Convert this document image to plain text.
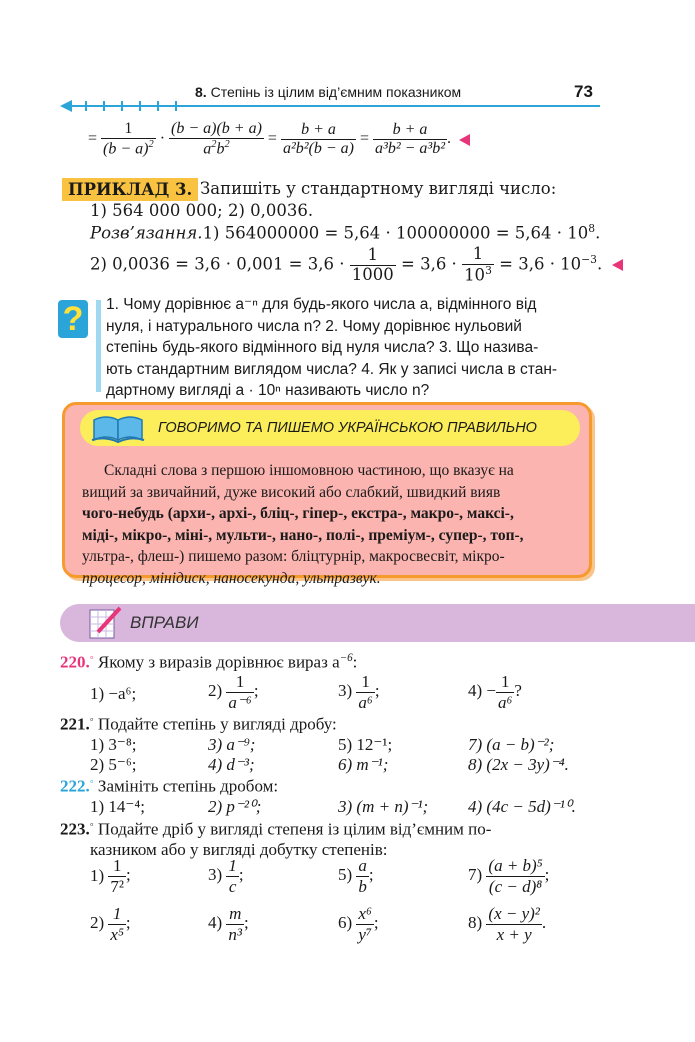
8. Степінь із цілим від’ємним показником	73
= $\frac{1}{(b - a)^2} \cdot \frac{(b - a)(b + a)}{a^2b^2} = \frac{b + a}{\text{a²b²(b − a)}} = \frac{b + a}{\text{a³b² − a³b²}}$ .
ПРИКЛАД 3. Запишіть у стандартному вигляді число:
1) 564 000 000; 2) 0,0036.
Розв’язання.1) $564000000 = 5,64 \cdot 100000000 = 5,64 \cdot 10^8$.
2) $0,0036 = 3,6 \cdot 0,001 = 3,6 \cdot \frac{1}{1000} = 3,6 \cdot \frac{1}{10^3} = 3,6 \cdot 10^{-3}$.
? 1. Чому дорівнює a⁻ⁿ для будь-якого числа a, відмінного від
нуля, і натурального числа n? 2. Чому дорівнює нульовий
степінь будь-якого відмінного від нуля числа? 3. Що назива-
ють стандартним виглядом числа? 4. Як у записі числа в стан-
дартному вигляді a · 10ⁿ називають число n?
ГОВОРИМО ТА ПИШЕМО УКРАЇНСЬКОЮ ПРАВИЛЬНО
Складні слова з першою іншомовною частиною, що вказує на
вищий за звичайний, дуже високий або слабкий, швидкий вияв
чого-небудь (архи-, архі-, бліц-, гіпер-, екстра-, макро-, максі-,
міді-, мікро-, міні-, мульти-, нано-, полі-, преміум-, супер-, топ-,
ультра-, флеш-) пишемо разом: бліцтурнір, макросвесвіт, мікро-
процесор, мінідиск, наносекунда, ультразвук.
ВПРАВИ
220.◦ Якому з виразів дорівнює вираз $a^{-6}$:
1) −a⁶;	$2) \frac{1}{\text{a⁻⁶}}$ ;	$3) \frac{1}{\text{a⁶}}$ ;	$4) - \frac{1}{\text{a⁶}}$ ?
221.◦ Подайте степінь у вигляді дробу:
1) 3⁻⁸;	3) a⁻⁹;	5) 12⁻¹;	7) (a − b)⁻²;
2) 5⁻⁶;	4) d⁻³;	6) m⁻¹;	8) (2x − 3y)⁻⁴.
222.◦ Замініть степінь дробом:
1) 14⁻⁴;	2) p⁻²⁰;	3) (m + n)⁻¹; 4) (4c − 5d)⁻¹⁰.
223.◦ Подайте дріб у вигляді степеня із цілим від’ємним по-
казником або у вигляді добутку степенів:
$1) \frac{1}{\text{7²}}$ ;	$3) \frac{1}{c}$ ;	$5) \frac{a}{b}$ ;	$7) \frac{\text{(a + b)⁵}}{\text{(c − d)⁸}}$ ;
$2) \frac{1}{\text{x⁵}}$ ;	$4) \frac{m}{\text{n³}}$ ;	$6) \frac{\text{x⁶}}{\text{y⁷}}$ ;	$8) \frac{\text{(x − y)²}}{x + y}$ .
